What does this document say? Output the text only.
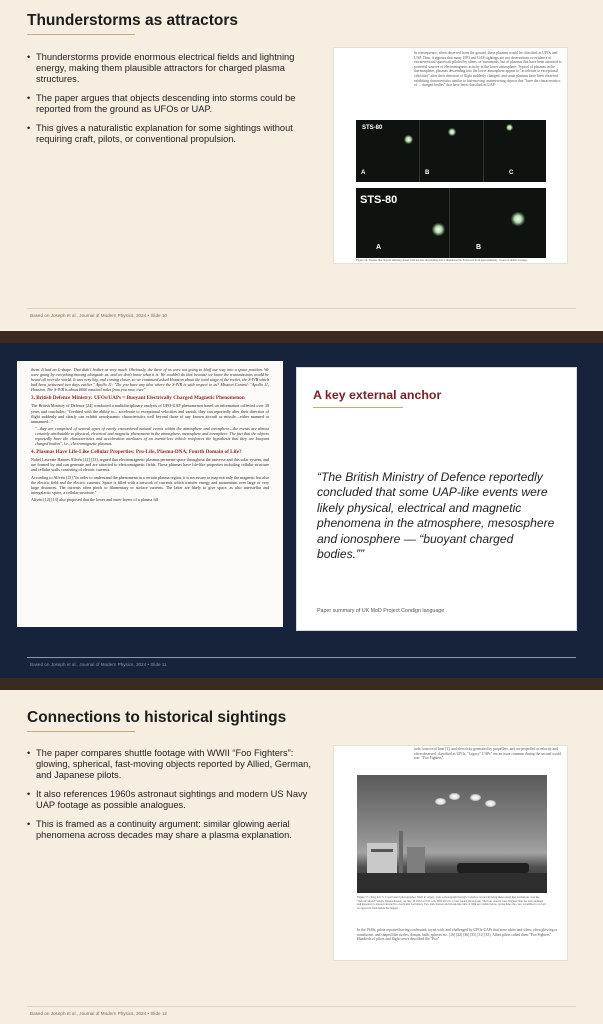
Thunderstorms as attractors
• Thunderstorms provide enormous electrical fields and lightning energy, making them plausible attractors for charged plasma structures.
• The paper argues that objects descending into storms could be reported from the ground as UFOs or UAP.
• This gives a naturalistic explanation for some sightings without requiring craft, pilots, or conventional propulsion.
In consequence, when observed from the ground, these plasmas would be classified as UFOs and UAP. Thus, it appears that many UFO and UAP sightings are not observations or evidence of extraterrestrial spacecraft piloted by aliens, or humanoids, but of plasmas that have been attracted to powerful sources of electromagnetic activity in the lower atmosphere. Typical of plasmas in the thermosphere, plasmas descending into the lower atmosphere appear to "accelerate to exceptional velocities" after their direction of flight suddenly changed, and some plasmas have been observed exhibiting characteristics similar to fast-moving, maneuvering objects that "have the characteristics of ... charged bodies" that have been classified as UAP.
STS-80
A	B	C
STS-80
A	B
Figure 16. Plasma-like objects shifting phases with nuclear descending into a thunderstorm. Extracted from approximately 1 hour of shuttle footage.
Based on Joseph et al., Journal of Modern Physics, 2024 • Slide 10

them. It had an L-shape. That didn't bother us very much. Obviously, the three of us were not going to bluff our way into a space position. We were going by everything moving alongside us, and we don't know what it is. We couldn't do that because we know the transmissions would be heard all over the world. It was very big, and coming closer, so we continued asked Houston about the total stage of the rocket, the S-IVB which had been jettisoned two days earlier." Apollo 11: "Do you have any idea where the S-IVB is with respect to us? Mission Control: "Apollo 11, Houston. The S-IVB is about 6000 nautical miles from you now, over"

3. British Defence Ministry: UFOs/UAPs = Buoyant Electrically Charged Magnetic Phenomenon

The British Ministry of Defence [24] conducted a multidisciplinary analysis of UFO-UAP phenomenon based on information collected over 30 years and concludes: "Credited with the ability to... accelerate to exceptional velocities and vanish, they can reportedly alter their direction of flight suddenly and clearly can exhibit aerodynamic characteristics well beyond those of any known aircraft or missile—either manned or unmanned..."

"...they are comprised of several types of rarely encountered natural events within the atmosphere and ionosphere—the events are almost certainly attributable to physical, electrical and magnetic phenomena in the atmosphere, mesosphere and ionosphere. The fact that the objects reportedly have the characteristics and acceleration attributes of an inertia-less vehicle reinforces the hypothesis that they are buoyant charged bodies", i.e., electromagnetic plasmas.

4. Plasmas Have Life-Like Cellular Properties: Pro-Life, Plasma-DNA, Fourth Domain of Life?

Nobel Laureate Hannes Alfvén [12] [13], argued that electromagnetic plasmas permeate space throughout the universe and this solar system, and are formed by and can generate and are attracted to electromagnetic fields. These plasmas have life-like properties including cellular structure and cellular walls consisting of electric currents.

According to Alfvén [13] "In order to understand the phenomena in a certain plasma region, it is necessary to map not only the magnetic but also the electric field and the electric currents. Space is filled with a network of currents which transfer energy and momentum over large or very large distances. The currents often pinch to filamentary or surface currents. The latter are likely to give space, as also interstellar and intergalactic space, a cellular structure."

Alfvén [12] [13] also proposed that the lower and outer layers of a plasma fill

A key external anchor
“The British Ministry of Defence reportedly concluded that some UAP-like events were likely physical, electrical and magnetic phenomena in the atmosphere, mesosphere and ionosphere — “buoyant charged bodies.””
Paper summary of UK MoD Project Condign language
Based on Joseph et al., Journal of Modern Physics, 2024 • Slide 11
Connections to historical sightings
• The paper compares shuttle footage with WWII “Foo Fighters”: glowing, spherical, fast-moving objects reported by Allied, German, and Japanese pilots.
• It also references 1960s astronaut sightings and modern US Navy UAP footage as possible analogues.
• This is framed as a continuity argument: similar glowing aerial phenomena across decades may share a plasma explanation.
tude, sources of heat [1], and electricity generated by propellers, and are propelled at velocity and often observed, classified as UFOs. "Legacy" UAPs" are an issue common during the second world war: "Foo Fighters".
Figure 17. (Top) A U.S. Coast Guard photographer, Shell R. Alpert, took a photograph through a window screen showing these aloud like formations over the "historic island" Salem, Massachusetts, on July 16 1952 at 9:35 a.m. Official U.S. Coast Guard photograph. The four objects were brighter than the surroundings and appeared to spread outward in a lenticular formation. Two dark masses and streak-like tails of light are visible below. At the time, the crew scrambled to record an approach from inside the hangar.
In the 1940s, pilots reported having confronted, toyed with, and challenged by UFOs-UAPs that were white and silver, often glowing or translucent, and shaped like circles, donuts, balls, spheres etc. [16] [22] [36] [35] [31] [33]. Allied pilots called them "Foo Fighters". Hundreds of pilots and flight crews described the "Foo"
Based on Joseph et al., Journal of Modern Physics, 2024 • Slide 12
